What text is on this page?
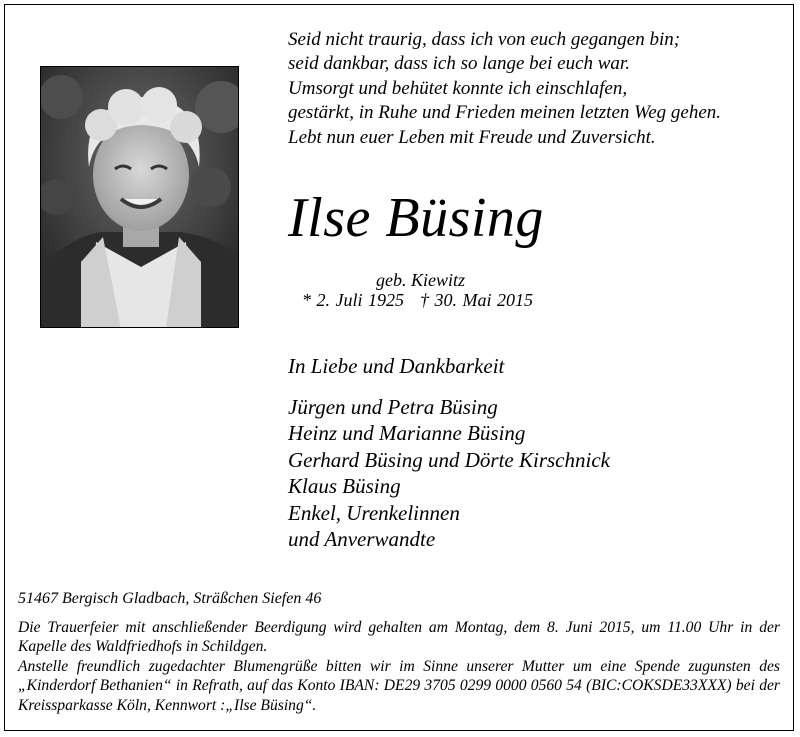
Seid nicht traurig, dass ich von euch gegangen bin;
seid dankbar, dass ich so lange bei euch war.
Umsorgt und behütet konnte ich einschlafen,
gestärkt, in Ruhe und Frieden meinen letzten Weg gehen.
Lebt nun euer Leben mit Freude und Zuversicht.
Ilse Büsing
geb. Kiewitz
* 2. Juli 1925 † 30. Mai 2015
In Liebe und Dankbarkeit
Jürgen und Petra Büsing
Heinz und Marianne Büsing
Gerhard Büsing und Dörte Kirschnick
Klaus Büsing
Enkel, Urenkelinnen
und Anverwandte
51467 Bergisch Gladbach, Sträßchen Siefen 46

Die Trauerfeier mit anschließender Beerdigung wird gehalten am Montag, dem 8. Juni 2015, um 11.00 Uhr in der Kapelle des Waldfriedhofs in Schildgen.

Anstelle freundlich zugedachter Blumengrüße bitten wir im Sinne unserer Mutter um eine Spende zugunsten des „Kinderdorf Bethanien“ in Refrath, auf das Konto IBAN: DE29 3705 0299 0000 0560 54 (BIC:COKSDE33XXX) bei der Kreissparkasse Köln, Kennwort :„Ilse Büsing“.
